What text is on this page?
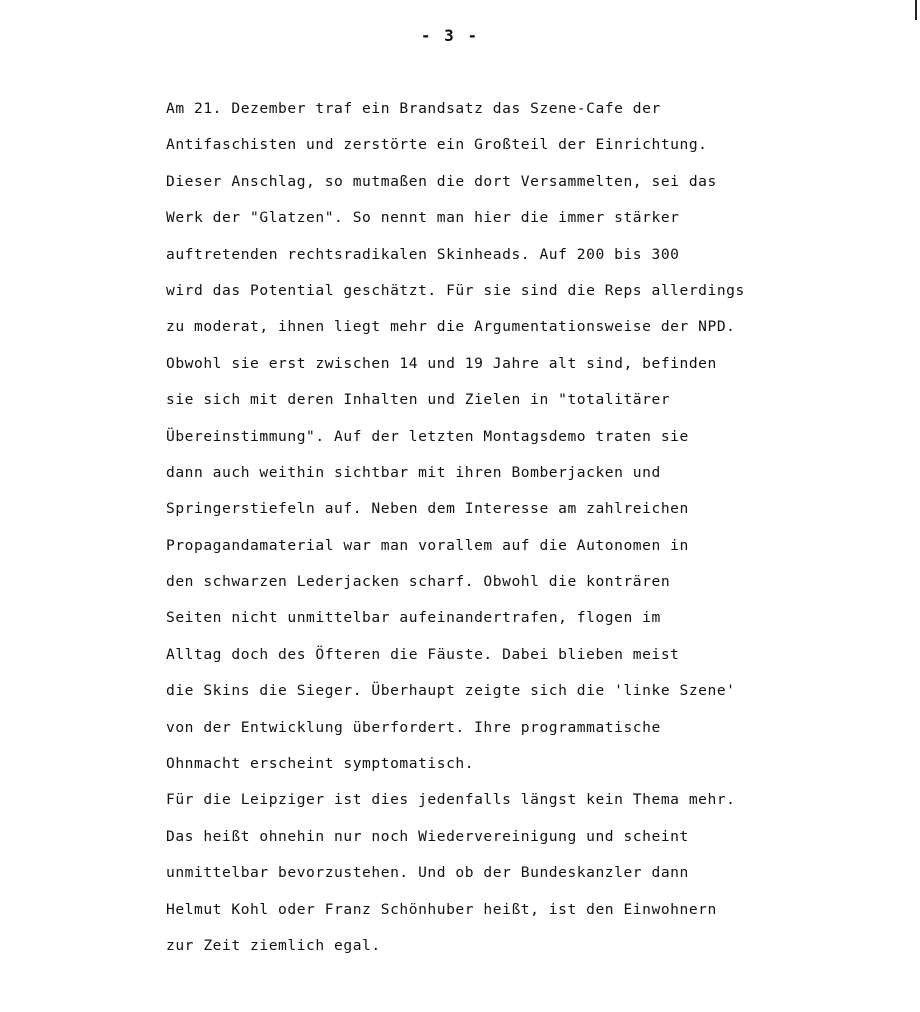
- 3 -
Am 21. Dezember traf ein Brandsatz das Szene-Cafe der
Antifaschisten und zerstörte ein Großteil der Einrichtung.
Dieser Anschlag, so mutmaßen die dort Versammelten, sei das
Werk der "Glatzen". So nennt man hier die immer stärker
auftretenden rechtsradikalen Skinheads. Auf 200 bis 300
wird das Potential geschätzt. Für sie sind die Reps allerdings
zu moderat, ihnen liegt mehr die Argumentationsweise der NPD.
Obwohl sie erst zwischen 14 und 19 Jahre alt sind, befinden
sie sich mit deren Inhalten und Zielen in "totalitärer
Übereinstimmung". Auf der letzten Montagsdemo traten sie
dann auch weithin sichtbar mit ihren Bomberjacken und
Springerstiefeln auf. Neben dem Interesse am zahlreichen
Propagandamaterial war man vorallem auf die Autonomen in
den schwarzen Lederjacken scharf. Obwohl die konträren
Seiten nicht unmittelbar aufeinandertrafen, flogen im
Alltag doch des Öfteren die Fäuste. Dabei blieben meist
die Skins die Sieger. Überhaupt zeigte sich die 'linke Szene'
von der Entwicklung überfordert. Ihre programmatische
Ohnmacht erscheint symptomatisch.
Für die Leipziger ist dies jedenfalls längst kein Thema mehr.
Das heißt ohnehin nur noch Wiedervereinigung und scheint
unmittelbar bevorzustehen. Und ob der Bundeskanzler dann
Helmut Kohl oder Franz Schönhuber heißt, ist den Einwohnern
zur Zeit ziemlich egal.
